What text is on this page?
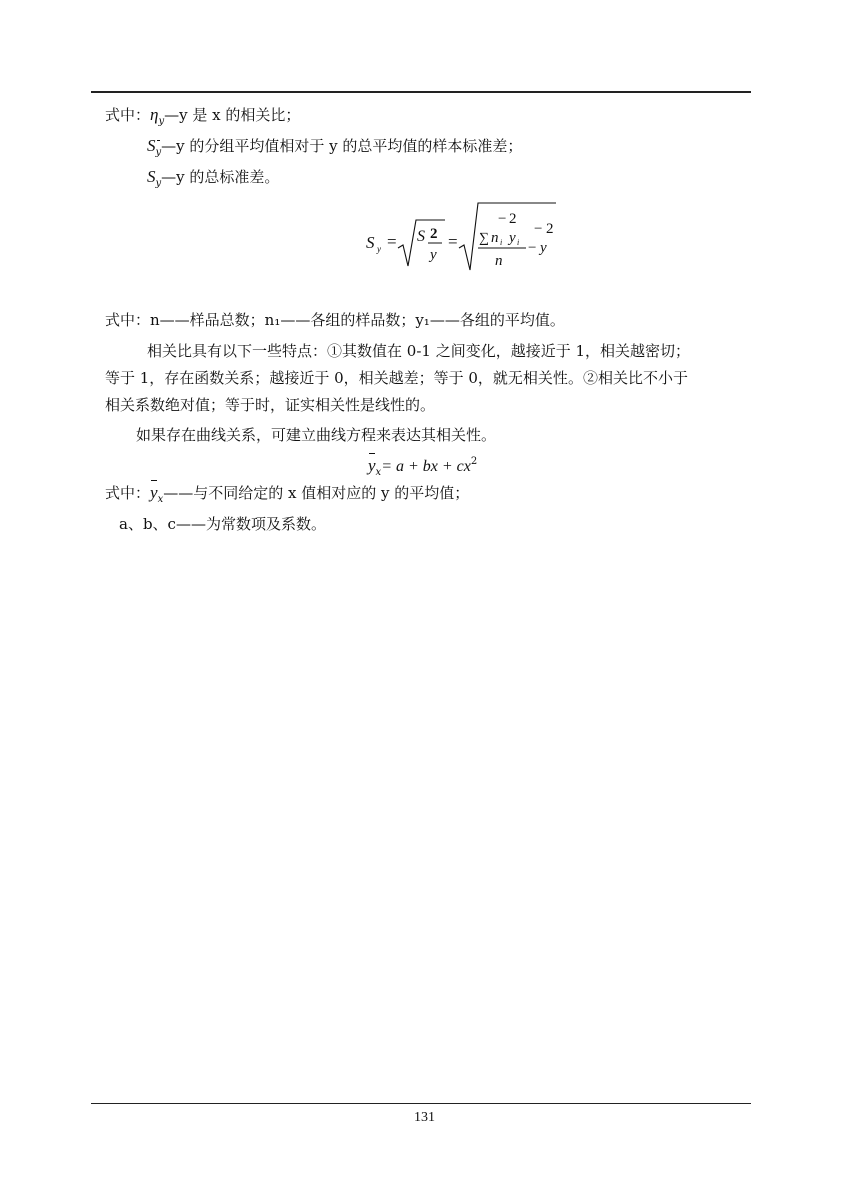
式中：$\eta_y—y$ 是 x 的相关比；
S
y—y 的分组平均值相对于 y 的总平均值的样本标准差；
$S_y—y$ 的总标准差。
S y = S 2
y
=
− 2
∑ n i y i
n
−
− 2
y
式中：n——样品总数；n₁——各组的样品数；y₁——各组的平均值。
相关比具有以下一些特点：①其数值在 0-1 之间变化，越接近于 1，相关越密切；
等于 1，存在函数关系；越接近于 0，相关越差；等于 0，就无相关性。②相关比不小于
相关系数绝对值；等于时，证实相关性是线性的。
如果存在曲线关系，可建立曲线方程来表达其相关性。
$y_x= a$ + bx + $cx^2$
式中：
$y_x——$与不同给定的 x 值相对应的 y 的平均值；
a、b、c——为常数项及系数。
131
